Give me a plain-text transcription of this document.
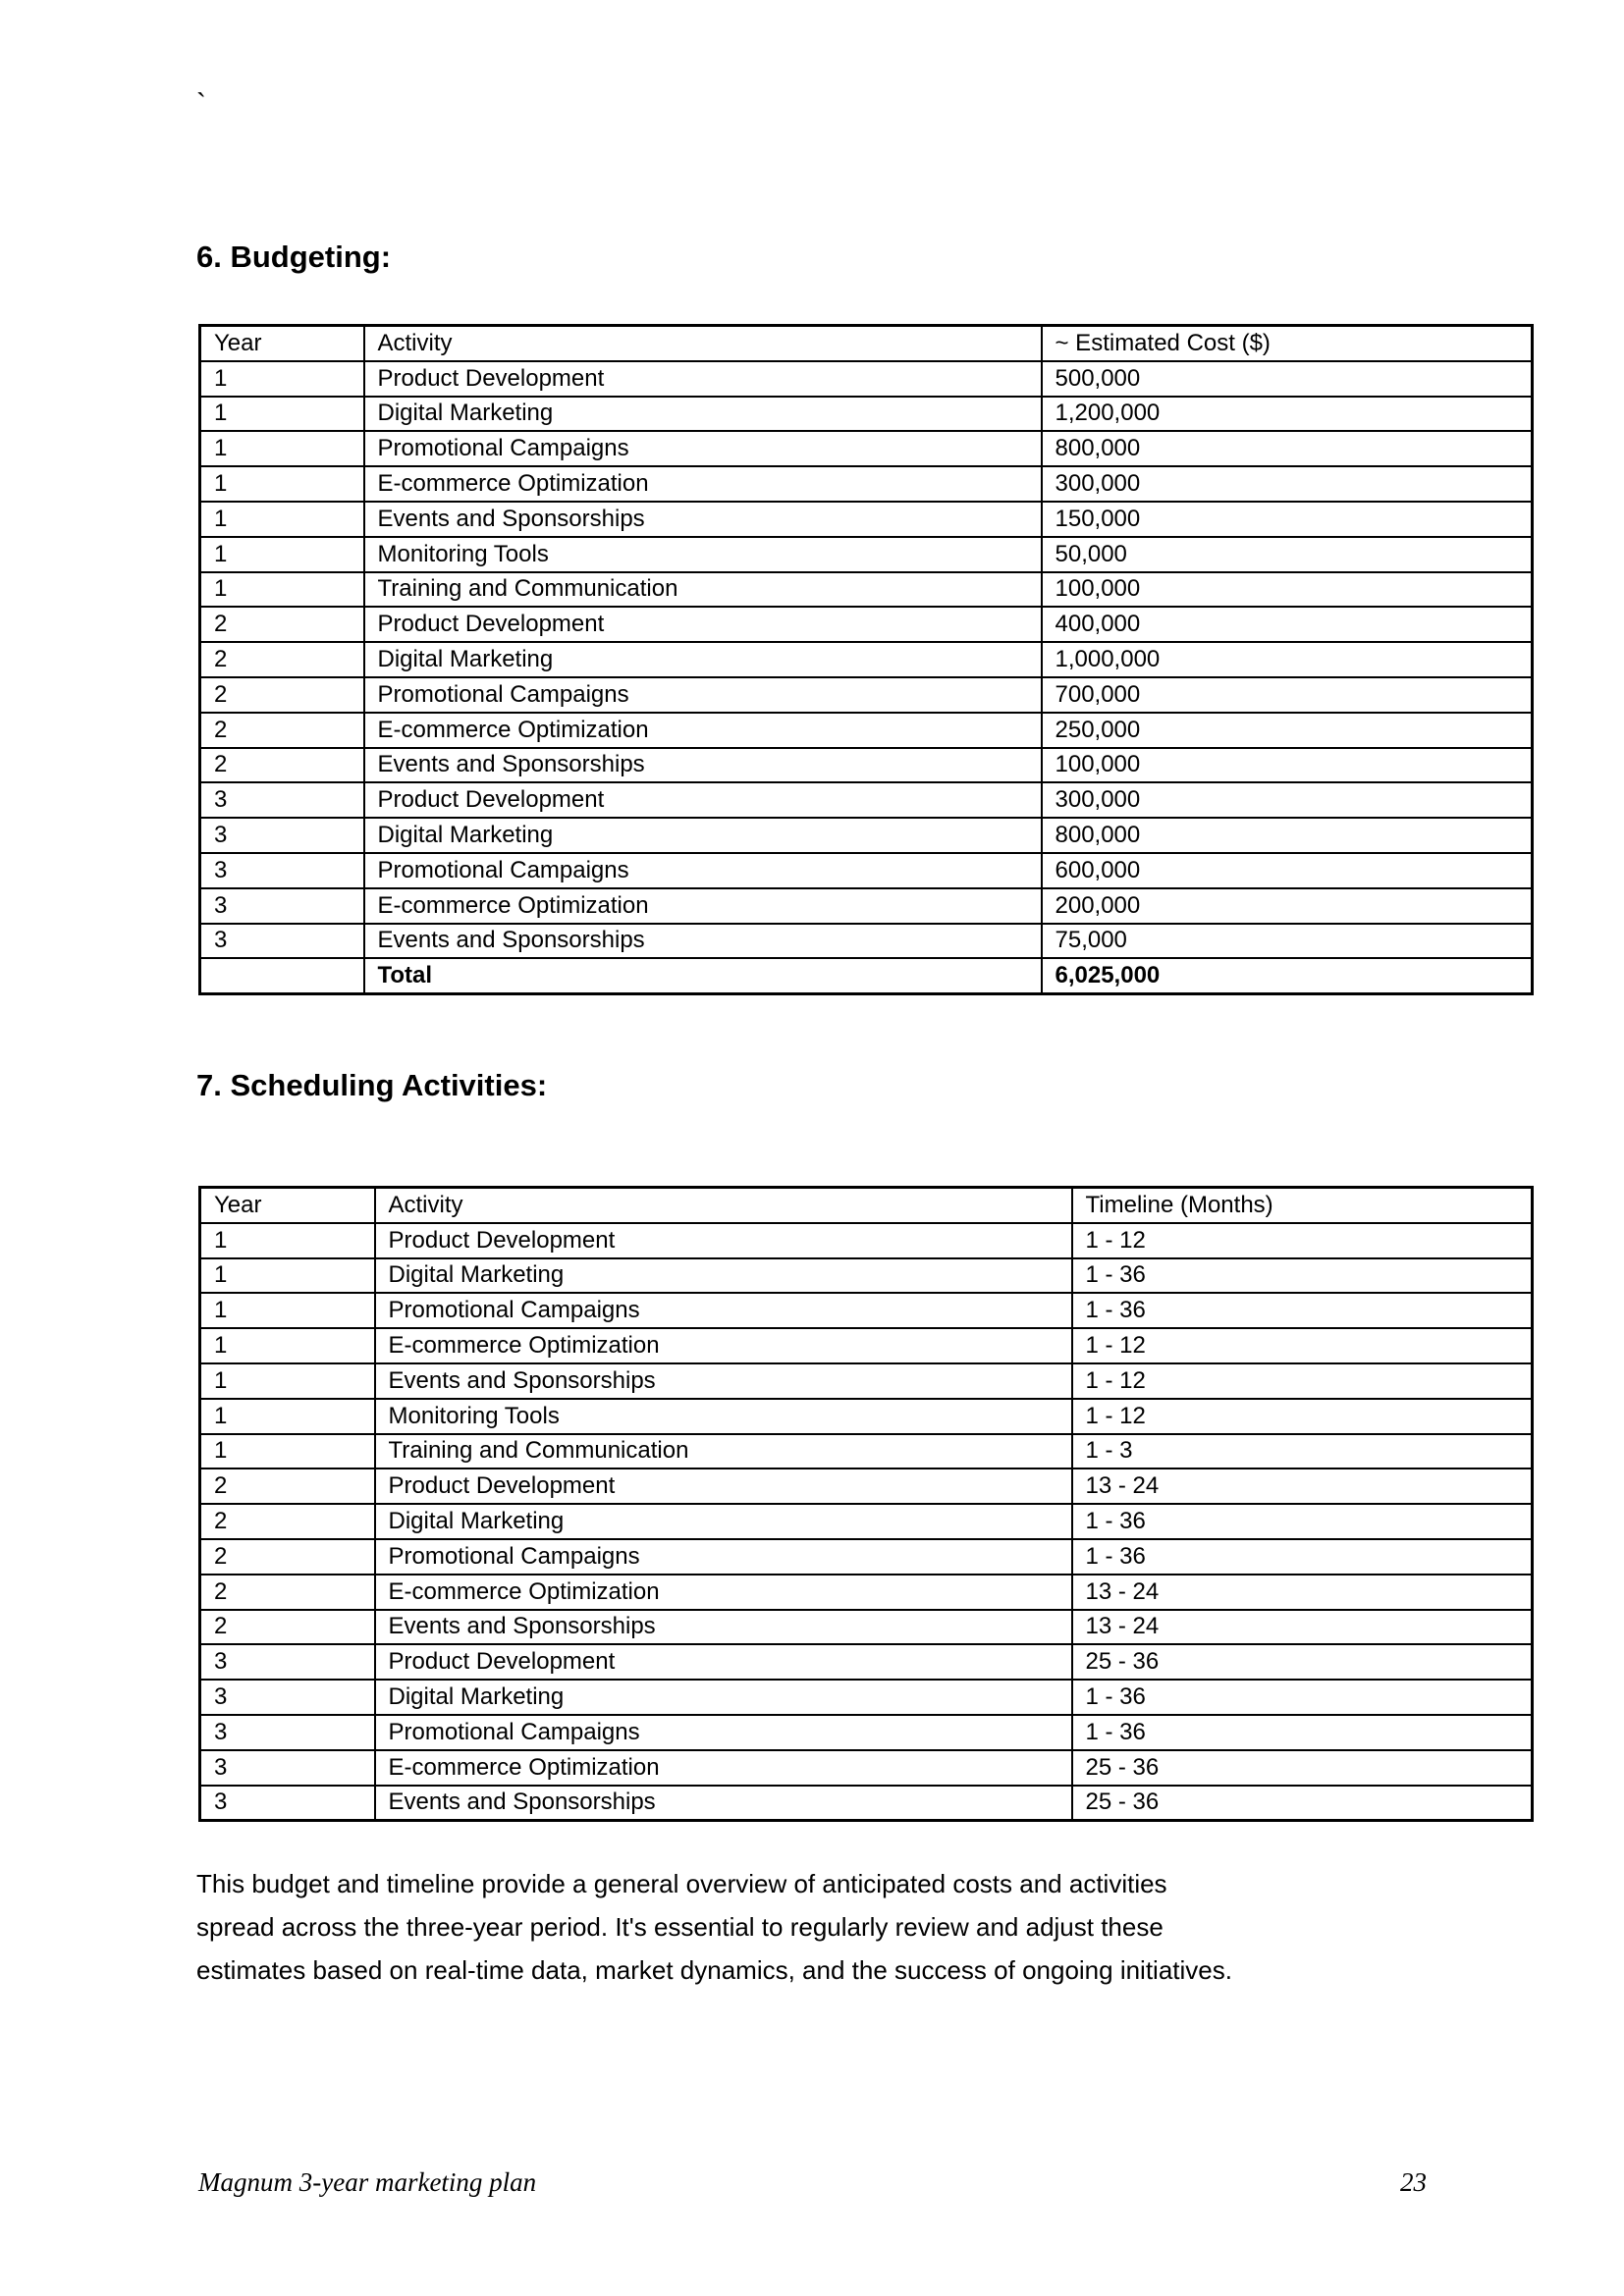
`
6. Budgeting:
Year	Activity	~ Estimated Cost ($)
1	Product Development	500,000
1	Digital Marketing	1,200,000
1	Promotional Campaigns	800,000
1	E-commerce Optimization	300,000
1	Events and Sponsorships	150,000
1	Monitoring Tools	50,000
1	Training and Communication	100,000
2	Product Development	400,000
2	Digital Marketing	1,000,000
2	Promotional Campaigns	700,000
2	E-commerce Optimization	250,000
2	Events and Sponsorships	100,000
3	Product Development	300,000
3	Digital Marketing	800,000
3	Promotional Campaigns	600,000
3	E-commerce Optimization	200,000
3	Events and Sponsorships	75,000
	Total	6,025,000
7. Scheduling Activities:
Year	Activity	Timeline (Months)
1	Product Development	1 - 12
1	Digital Marketing	1 - 36
1	Promotional Campaigns	1 - 36
1	E-commerce Optimization	1 - 12
1	Events and Sponsorships	1 - 12
1	Monitoring Tools	1 - 12
1	Training and Communication	1 - 3
2	Product Development	13 - 24
2	Digital Marketing	1 - 36
2	Promotional Campaigns	1 - 36
2	E-commerce Optimization	13 - 24
2	Events and Sponsorships	13 - 24
3	Product Development	25 - 36
3	Digital Marketing	1 - 36
3	Promotional Campaigns	1 - 36
3	E-commerce Optimization	25 - 36
3	Events and Sponsorships	25 - 36
This budget and timeline provide a general overview of anticipated costs and activities
spread across the three-year period. It's essential to regularly review and adjust these
estimates based on real-time data, market dynamics, and the success of ongoing initiatives.
Magnum 3-year marketing plan	23
